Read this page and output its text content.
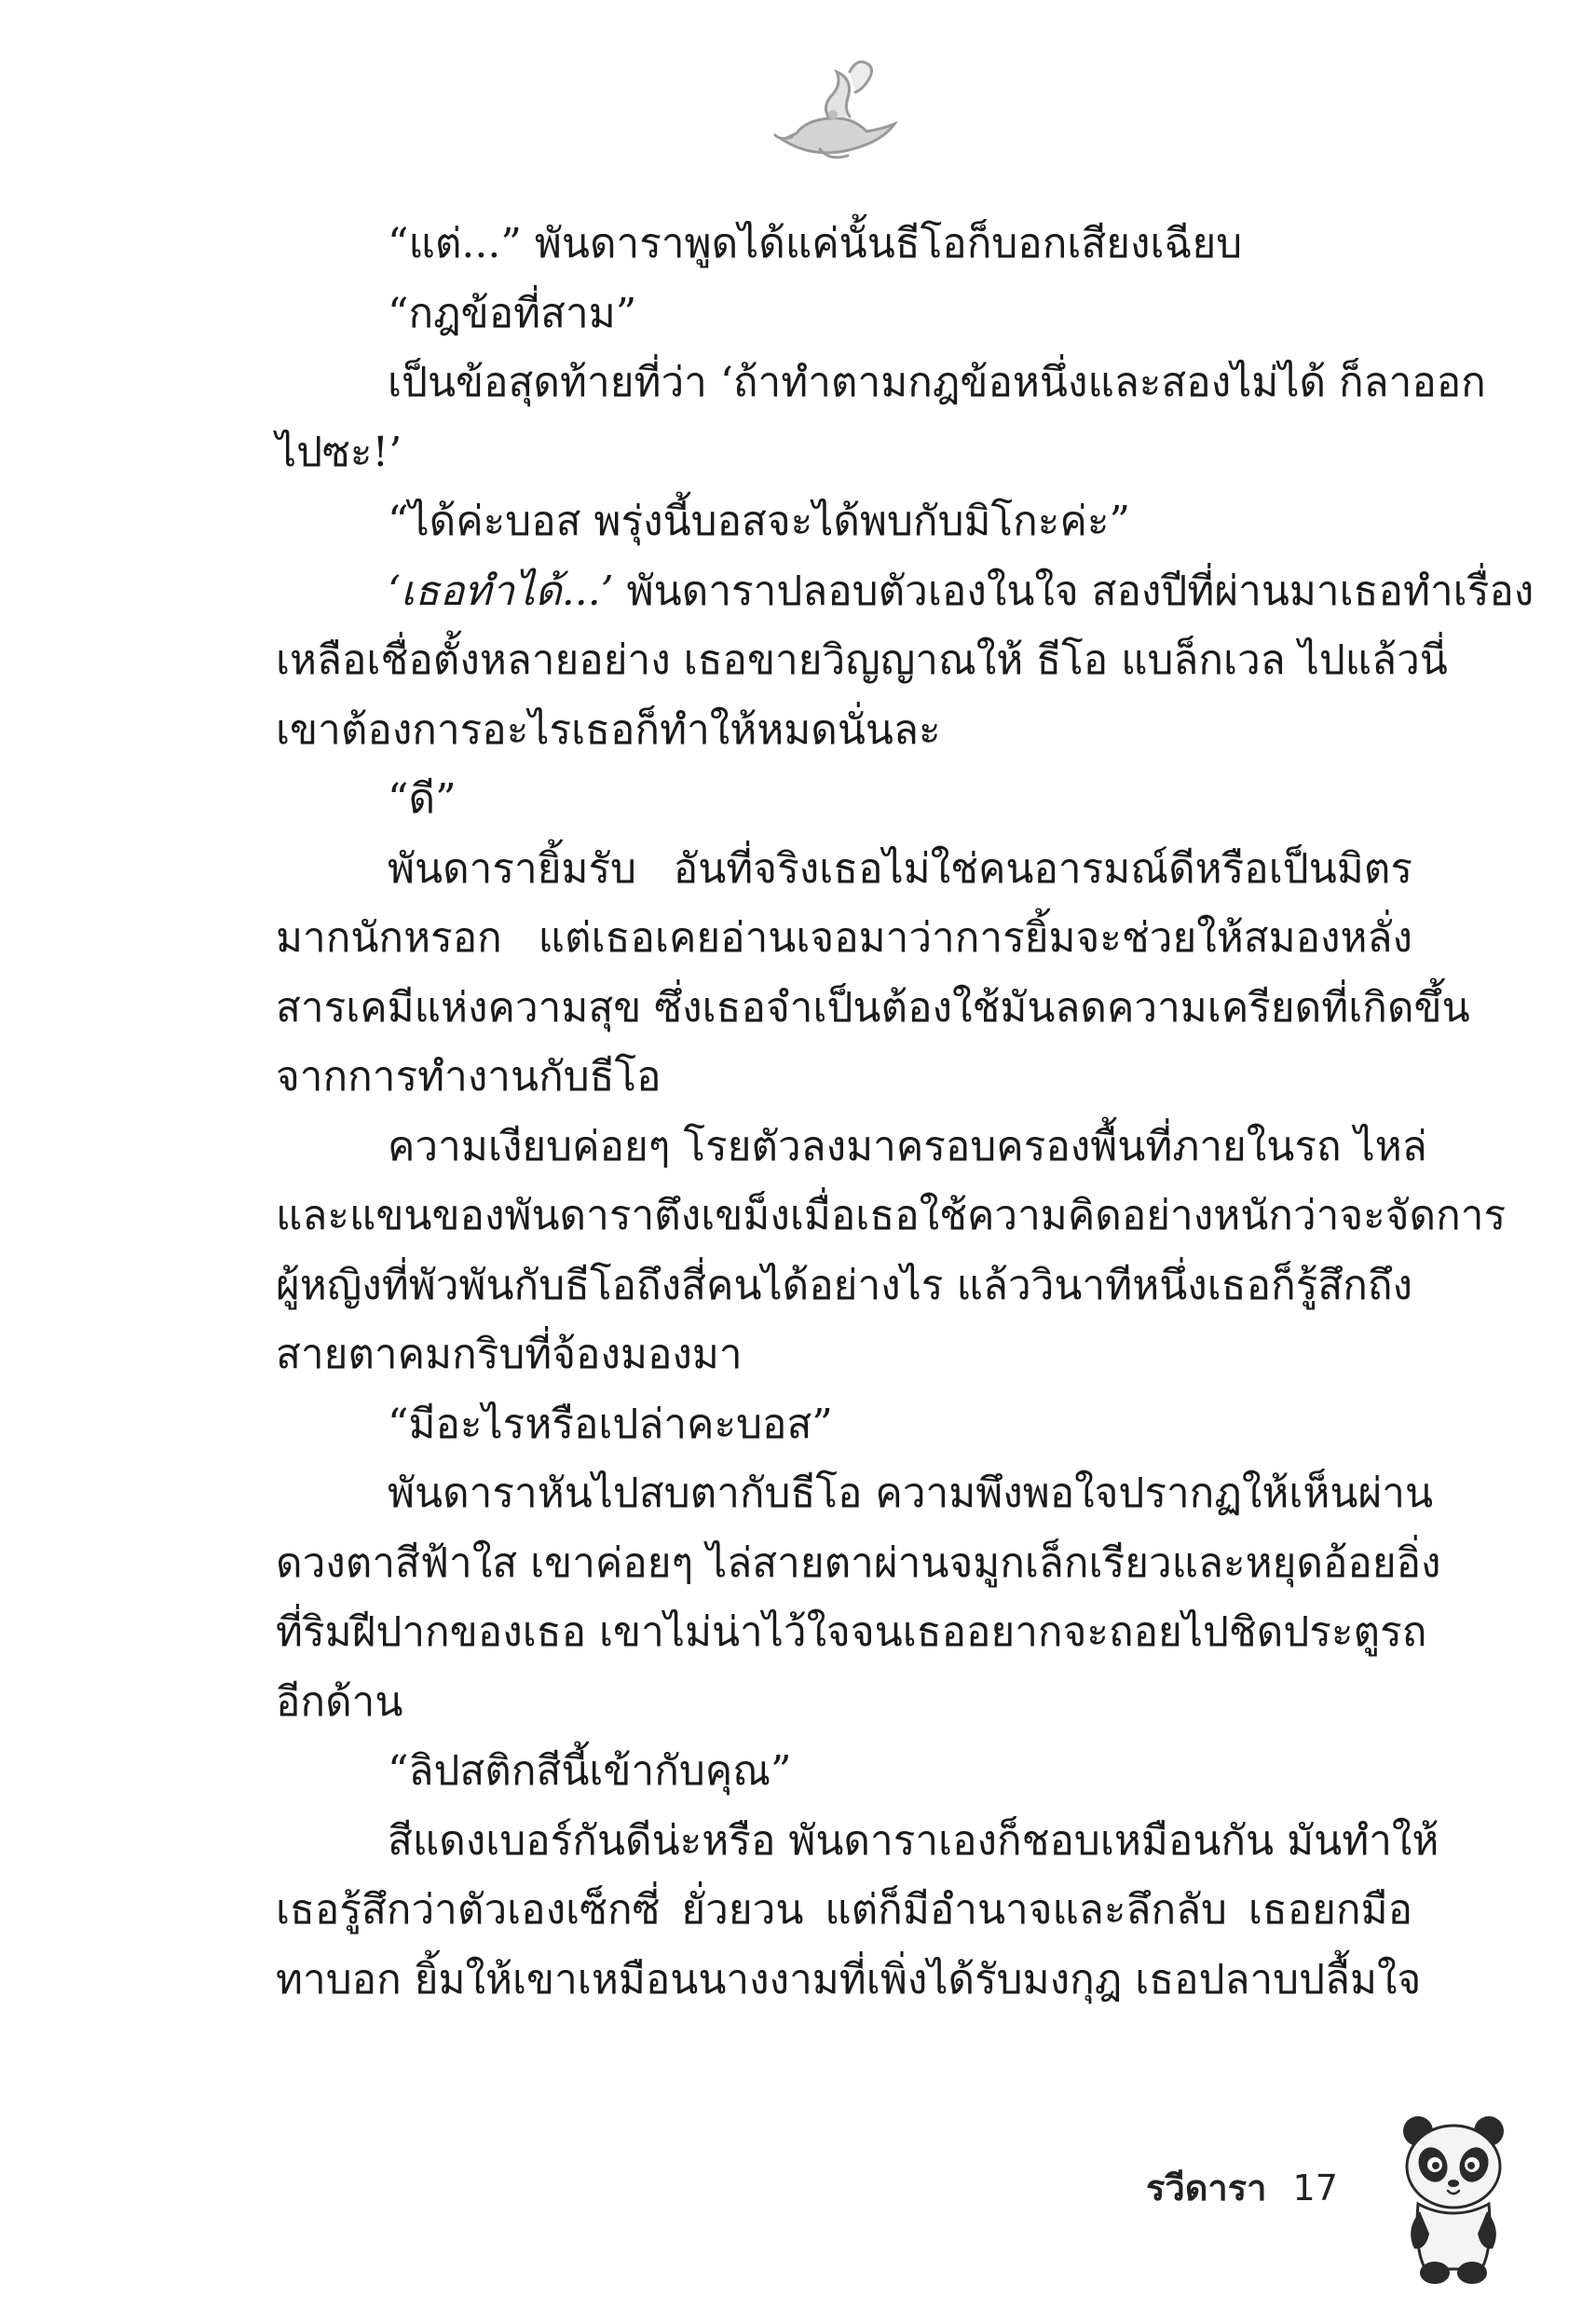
“แต่...” พันดาราพูดได้แค่นั้นธีโอก็บอกเสียงเฉียบ
“กฎข้อที่สาม”
เป็นข้อสุดท้ายที่ว่า ‘ถ้าทำตามกฎข้อหนึ่งและสองไม่ได้ ก็ลาออก
ไปซะ!’
“ได้ค่ะบอส พรุ่งนี้บอสจะได้พบกับมิโกะค่ะ”
‘เธอทำได้...’ พันดาราปลอบตัวเองในใจ สองปีที่ผ่านมาเธอทำเรื่อง
เหลือเชื่อตั้งหลายอย่าง เธอขายวิญญาณให้ ธีโอ แบล็กเวล ไปแล้วนี่
เขาต้องการอะไรเธอก็ทำให้หมดนั่นละ
“ดี”
พันดารายิ้มรับ อันที่จริงเธอไม่ใช่คนอารมณ์ดีหรือเป็นมิตร
มากนักหรอก แต่เธอเคยอ่านเจอมาว่าการยิ้มจะช่วยให้สมองหลั่ง
สารเคมีแห่งความสุข ซึ่งเธอจำเป็นต้องใช้มันลดความเครียดที่เกิดขึ้น
จากการทำงานกับธีโอ
ความเงียบค่อยๆ โรยตัวลงมาครอบครองพื้นที่ภายในรถ ไหล่
และแขนของพันดาราตึงเขม็งเมื่อเธอใช้ความคิดอย่างหนักว่าจะจัดการ
ผู้หญิงที่พัวพันกับธีโอถึงสี่คนได้อย่างไร แล้ววินาทีหนึ่งเธอก็รู้สึกถึง
สายตาคมกริบที่จ้องมองมา
“มีอะไรหรือเปล่าคะบอส”
พันดาราหันไปสบตากับธีโอ ความพึงพอใจปรากฏให้เห็นผ่าน
ดวงตาสีฟ้าใส เขาค่อยๆ ไล่สายตาผ่านจมูกเล็กเรียวและหยุดอ้อยอิ่ง
ที่ริมฝีปากของเธอ เขาไม่น่าไว้ใจจนเธออยากจะถอยไปชิดประตูรถ
อีกด้าน
“ลิปสติกสีนี้เข้ากับคุณ”
สีแดงเบอร์กันดีน่ะหรือ พันดาราเองก็ชอบเหมือนกัน มันทำให้
เธอรู้สึกว่าตัวเองเซ็กซี่ ยั่วยวน แต่ก็มีอำนาจและลึกลับ เธอยกมือ
ทาบอก ยิ้มให้เขาเหมือนนางงามที่เพิ่งได้รับมงกุฎ เธอปลาบปลื้มใจ
รวีดารา 17
